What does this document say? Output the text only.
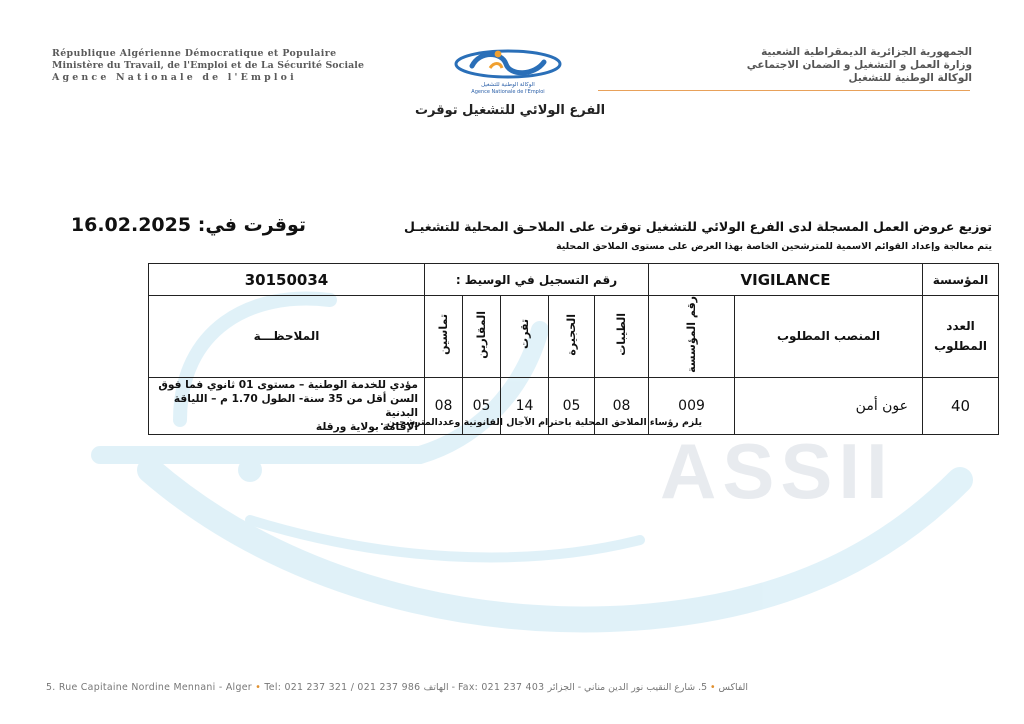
ASSII
République Algérienne Démocratique et Populaire
Ministère du Travail, de l'Emploi et de La Sécurité Sociale
Agence Nationale de l'Emploi
الوكالة الوطنية للتشغيل
Agence Nationale de l'Emploi
الجمهورية الجزائرية الديمقراطية الشعبية
وزارة العمل و التشغيل و الضمان الاجتماعي
الوكالة الوطنية للتشغيل
الفرع الولائي للتشغيل توقرت
توزيع عروض العمل المسجلة لدى الفرع الولائي للتشغيل توقرت على الملاحـق المحلية للتشغيـل
يتم معالجة وإعداد القوائم الاسمية للمترشحين الخاصة بهذا العرض على مستوى الملاحق المحلية
توقرت في: 16.02.2025
30150034	رقم التسجيل في الوسيط :					VIGILANCE		المؤسسة
الملاحظـــة	تماسين	المقارين	تقرت	الحجيرة	الطيبات	رقم المؤسسة	المنصب المطلوب	العدد المطلوب

مؤدي للخدمة الوطنية – مستوى 01 ثانوي فما فوق
السن أقل من 35 سنة- الطول 1.70 م – اللياقة البدنية
الإقامة بولاية ورقلة	08	05	14	05	08	009	عون أمن	40
يلزم رؤساء الملاحق المحلية باحترام الآجال القانونية وعددالمترشحين .
5. Rue Capitaine Nordine Mennani - Alger • Tel: 021 237 321 / 021 237 986 الهاتف - Fax: 021 237 403 الفاكس • 5. شارع النقيب نور الدين مناني - الجزائر
